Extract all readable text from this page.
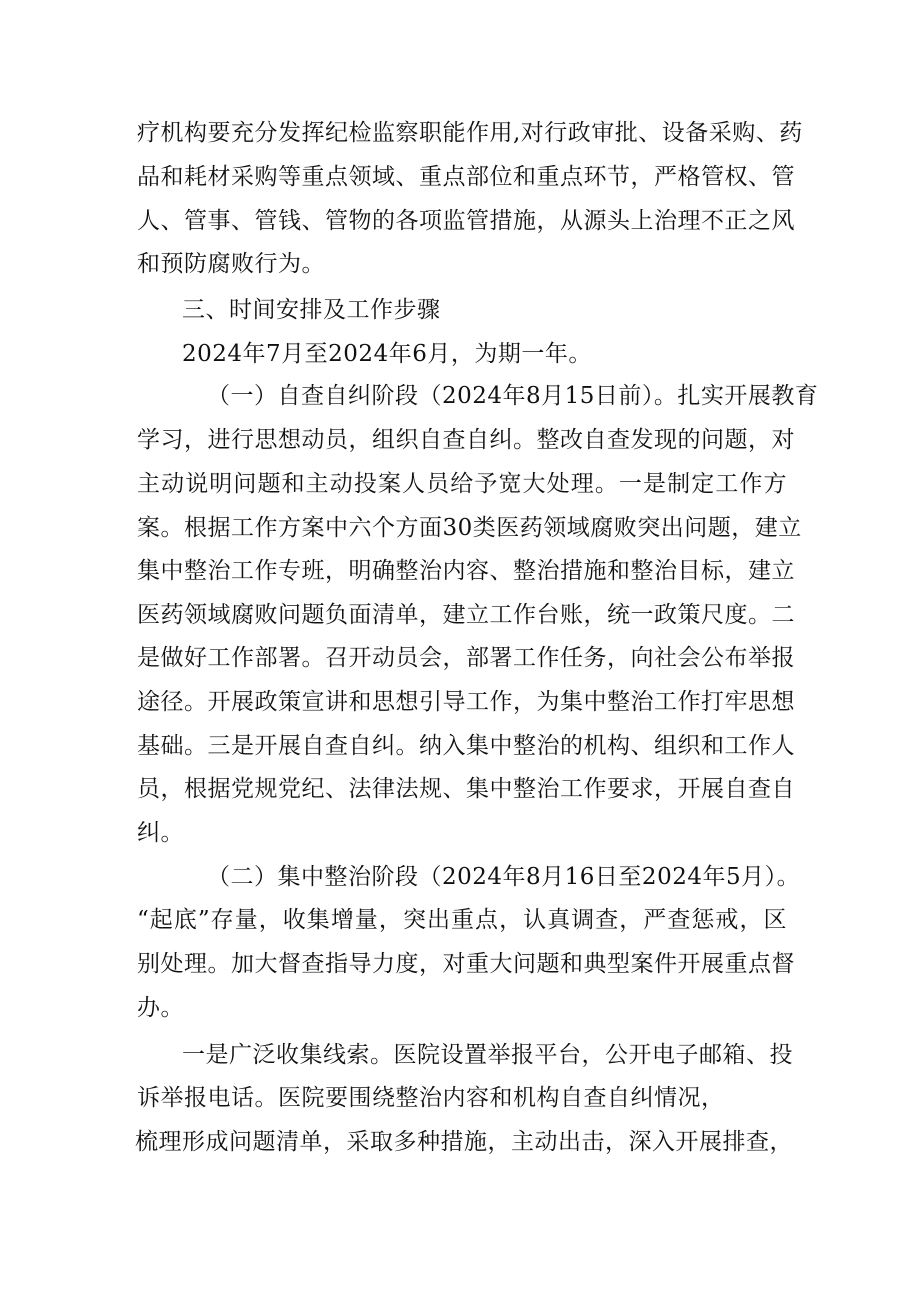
疗机构要充分发挥纪检监察职能作用,对行政审批、设备采购、药
品和耗材采购等重点领域、重点部位和重点环节，严格管权、管
人、管事、管钱、管物的各项监管措施，从源头上治理不正之风
和预防腐败行为。
三、时间安排及工作步骤
2024年7月至2024年6月，为期一年。
（一）自查自纠阶段（2024年8月15日前）。扎实开展教育
学习，进行思想动员，组织自查自纠。整改自查发现的问题，对
主动说明问题和主动投案人员给予宽大处理。一是制定工作方
案。根据工作方案中六个方面30类医药领域腐败突出问题，建立
集中整治工作专班，明确整治内容、整治措施和整治目标，建立
医药领域腐败问题负面清单，建立工作台账，统一政策尺度。二
是做好工作部署。召开动员会，部署工作任务，向社会公布举报
途径。开展政策宣讲和思想引导工作，为集中整治工作打牢思想
基础。三是开展自查自纠。纳入集中整治的机构、组织和工作人
员，根据党规党纪、法律法规、集中整治工作要求，开展自查自
纠。
（二）集中整治阶段（2024年8月16日至2024年5月）。
“起底”存量，收集增量，突出重点，认真调查，严查惩戒，区
别处理。加大督查指导力度，对重大问题和典型案件开展重点督
办。
一是广泛收集线索。医院设置举报平台，公开电子邮箱、投
诉举报电话。医院要围绕整治内容和机构自查自纠情况，
梳理形成问题清单，采取多种措施，主动出击，深入开展排查，
